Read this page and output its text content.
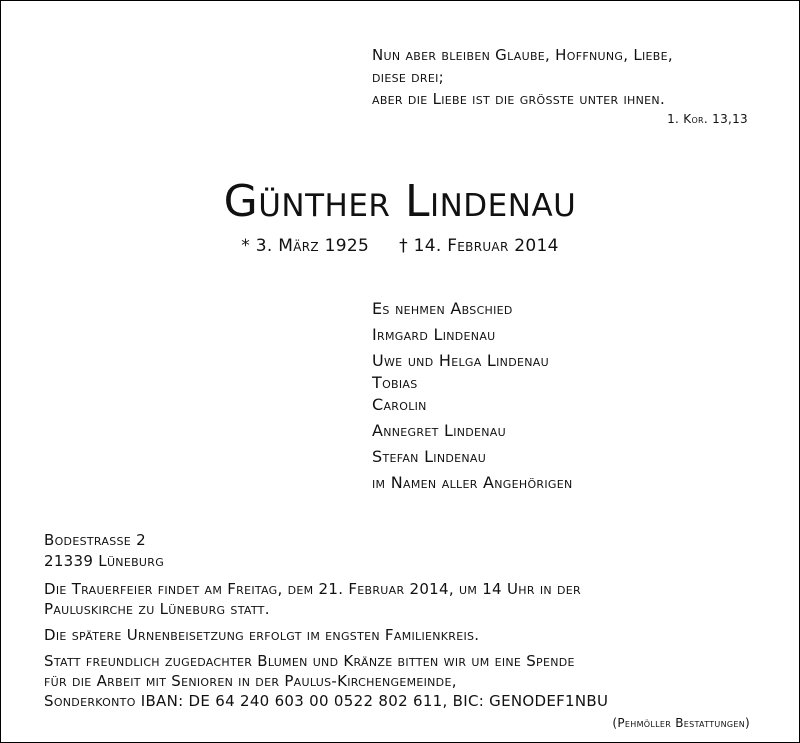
Nun aber bleiben Glaube, Hoffnung, Liebe,
diese drei;
aber die Liebe ist die grösste unter ihnen.
1. Kor. 13,13
Günther Lindenau
* 3. März 1925 † 14. Februar 2014
Es nehmen Abschied
Irmgard Lindenau
Uwe und Helga Lindenau
Tobias
Carolin
Annegret Lindenau
Stefan Lindenau
im Namen aller Angehörigen
Bodestrasse 2
21339 Lüneburg

Die Trauerfeier findet am Freitag, dem 21. Februar 2014, um 14 Uhr in der
Pauluskirche zu Lüneburg statt.

Die spätere Urnenbeisetzung erfolgt im engsten Familienkreis.

Statt freundlich zugedachter Blumen und Kränze bitten wir um eine Spende
für die Arbeit mit Senioren in der Paulus-Kirchengemeinde,
Sonderkonto IBAN: DE 64 240 603 00 0522 802 611, BIC: GENODEF1NBU

(Pehmöller Bestattungen)
